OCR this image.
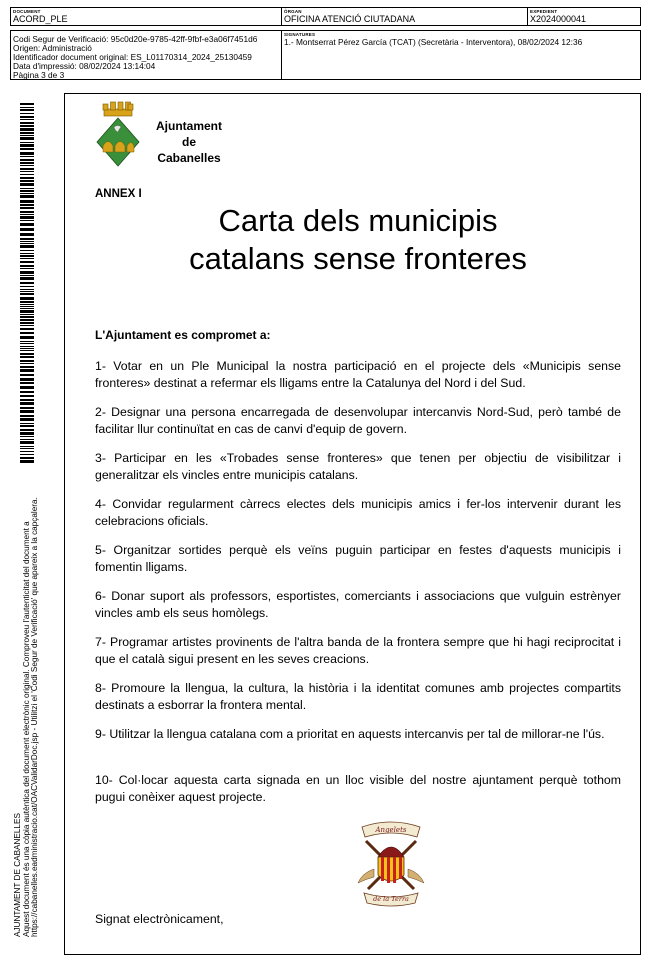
DOCUMENT
ACORD_PLE
ÒRGAN
OFICINA ATENCIÓ CIUTADANA
EXPEDIENT
X2024000041
Codi Segur de Verificació: 95c0d20e-9785-42ff-9fbf-e3a06f7451d6
Origen: Administració
Identificador document original: ES_L01170314_2024_25130459
Data d'impressió: 08/02/2024 13:14:04
Pàgina 3 de 3
SIGNATURES
1.- Montserrat Pérez García (TCAT) (Secretària - Interventora), 08/02/2024 12:36
AJUNTAMENT DE CABANELLES Aquest document és una còpia autèntica del document electrònic original. Comproveu l'autenticitat del document a https://cabanelles.eadministracio.cat/OACValidarDoc.jsp - Utilitzi el 'Codi Segur de Verificació' que apareix a la capçalera.
Ajuntament
de
Cabanelles
ANNEX I
Carta dels municipis
catalans sense fronteres
L'Ajuntament es compromet a:
1- Votar en un Ple Municipal la nostra participació en el projecte dels «Municipis sense fronteres» destinat a refermar els lligams entre la Catalunya del Nord i del Sud.
2- Designar una persona encarregada de desenvolupar intercanvis Nord-Sud, però també de facilitar llur continuïtat en cas de canvi d'equip de govern.
3- Participar en les «Trobades sense fronteres» que tenen per objectiu de visibilitzar i generalitzar els vincles entre municipis catalans.
4- Convidar regularment càrrecs electes dels municipis amics i fer-los intervenir durant les celebracions oficials.
5- Organitzar sortides perquè els veïns puguin participar en festes d'aquests municipis i fomentin lligams.
6- Donar suport als professors, esportistes, comerciants i associacions que vulguin estrènyer vincles amb els seus homòlegs.
7- Programar artistes provinents de l'altra banda de la frontera sempre que hi hagi reciprocitat i que el català sigui present en les seves creacions.
8- Promoure la llengua, la cultura, la història i la identitat comunes amb projectes compartits destinats a esborrar la frontera mental.
9- Utilitzar la llengua catalana com a prioritat en aquests intercanvis per tal de millorar-ne l'ús.
10- Col·locar aquesta carta signada en un lloc visible del nostre ajuntament perquè tothom pugui conèixer aquest projecte.
Angelets
de la Terra
Signat electrònicament,
